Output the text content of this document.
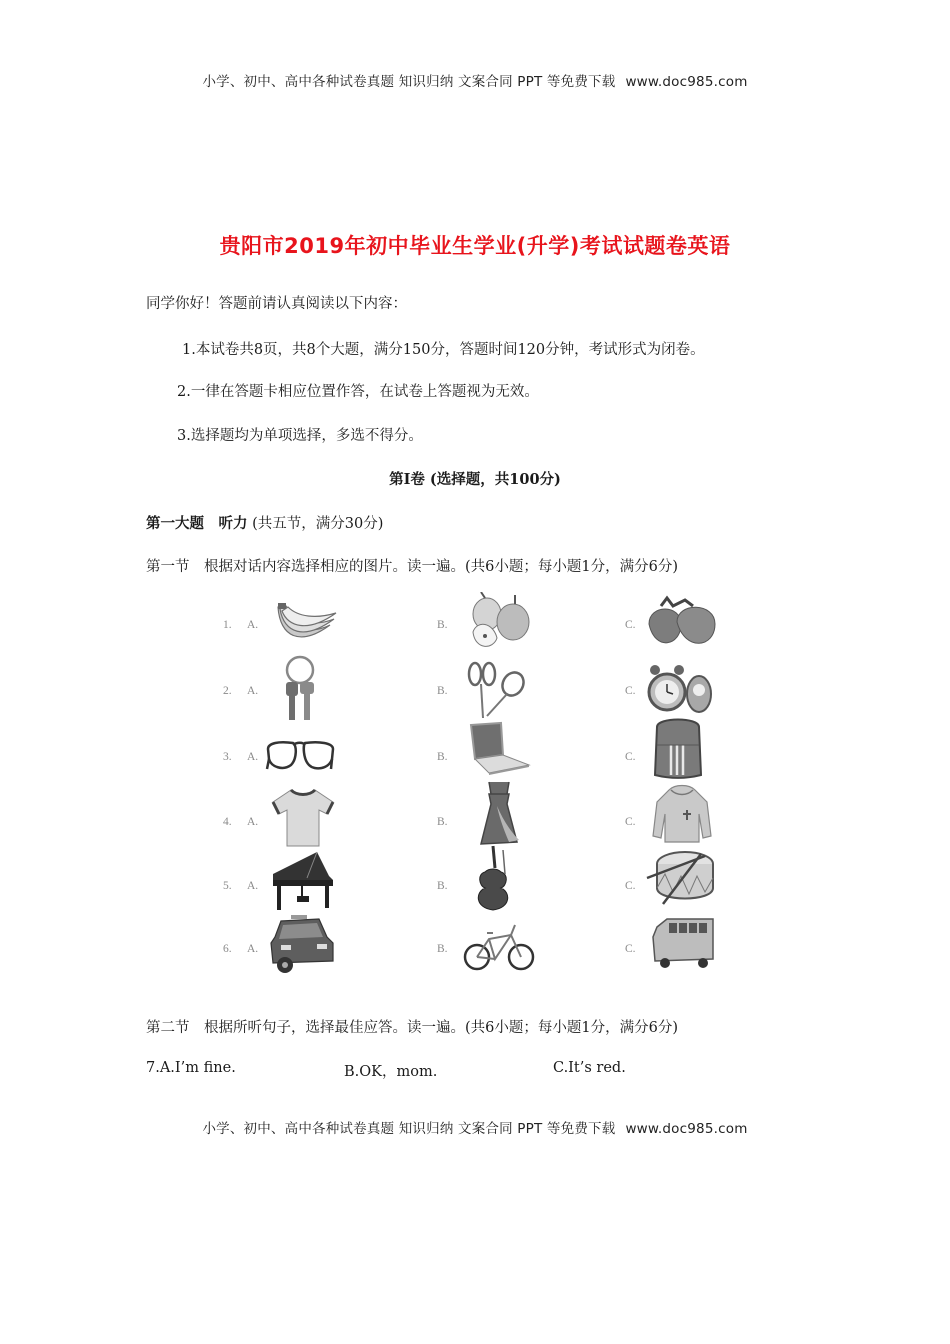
小学、初中、高中各种试卷真题 知识归纳 文案合同 PPT 等免费下载 www.doc985.com
贵阳市2019年初中毕业生学业(升学)考试试题卷英语
同学你好！答题前请认真阅读以下内容：
1.本试卷共8页，共8个大题，满分150分，答题时间120分钟，考试形式为闭卷。
2.一律在答题卡相应位置作答，在试卷上答题视为无效。
3.选择题均为单项选择，多选不得分。
第Ⅰ卷 (选择题，共100分)
第一大题　听力 (共五节，满分30分)
第一节　根据对话内容选择相应的图片。读一遍。(共6小题；每小题1分，满分6分)
1. A.	B.	C.
2. A.	B.	C.
3. A.	B.	C.
4. A.	B.	C.
5. A.	B.	C.
6. A.	B.	C.
第二节　根据所听句子，选择最佳应答。读一遍。(共6小题；每小题1分，满分6分)
7.A.I’m fine.	B.OK，mom.	C.It’s red.
小学、初中、高中各种试卷真题 知识归纳 文案合同 PPT 等免费下载 www.doc985.com
